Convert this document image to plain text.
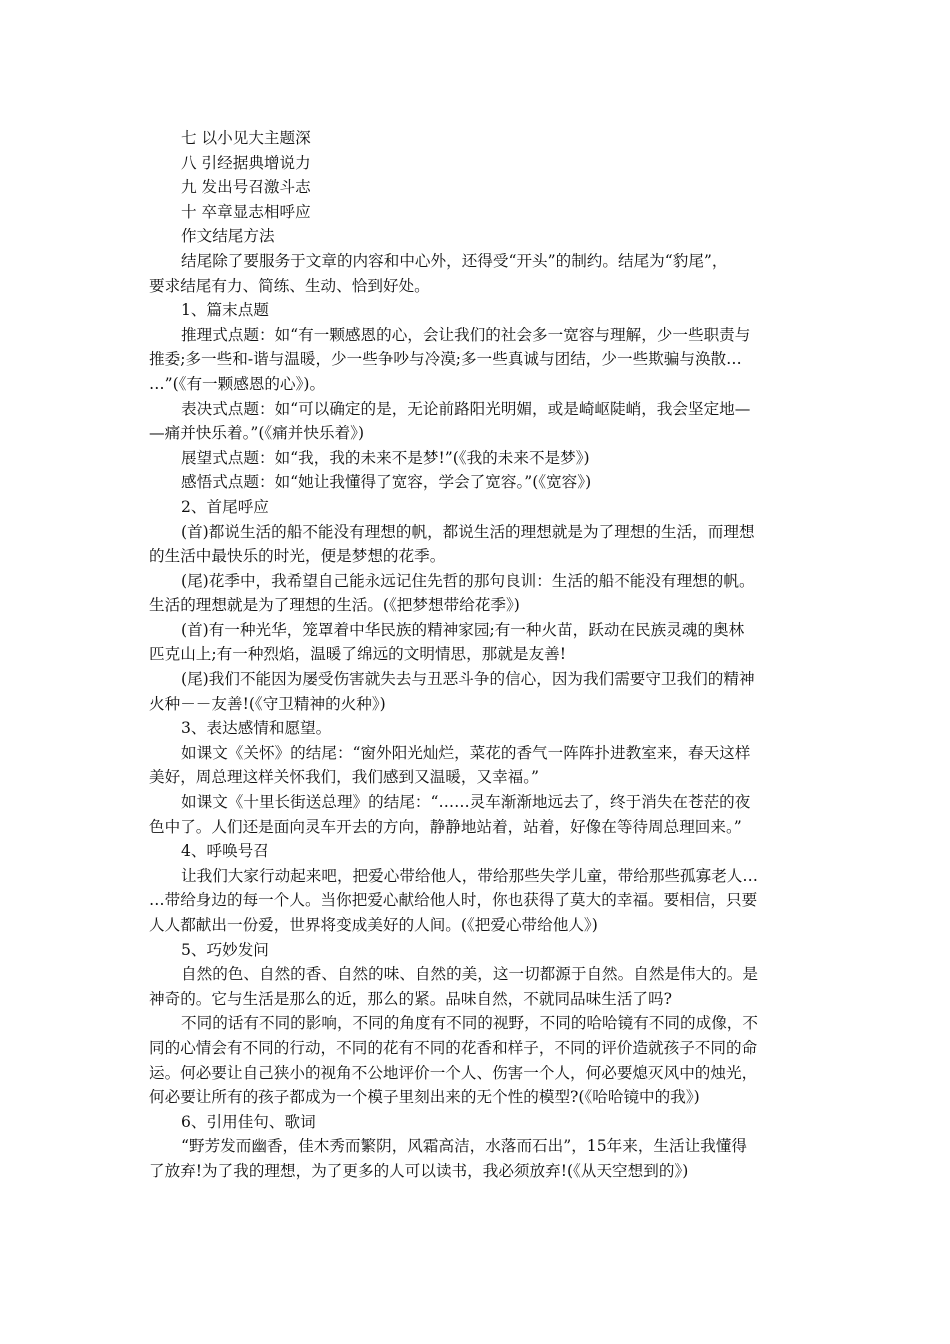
七 以小见大主题深
八 引经据典增说力
九 发出号召激斗志
十 卒章显志相呼应
作文结尾方法
结尾除了要服务于文章的内容和中心外，还得受“开头”的制约。结尾为“豹尾”，
要求结尾有力、简练、生动、恰到好处。
1、篇末点题
推理式点题：如“有一颗感恩的心，会让我们的社会多一宽容与理解，少一些职责与
推委;多一些和-谐与温暖，少一些争吵与冷漠;多一些真诚与团结，少一些欺骗与涣散…
…”(《有一颗感恩的心》)。
表决式点题：如“可以确定的是，无论前路阳光明媚，或是崎岖陡峭，我会坚定地—
—痛并快乐着。”(《痛并快乐着》)
展望式点题：如“我，我的未来不是梦!”(《我的未来不是梦》)
感悟式点题：如“她让我懂得了宽容，学会了宽容。”(《宽容》)
2、首尾呼应
(首)都说生活的船不能没有理想的帆，都说生活的理想就是为了理想的生活，而理想
的生活中最快乐的时光，便是梦想的花季。
(尾)花季中，我希望自己能永远记住先哲的那句良训：生活的船不能没有理想的帆。
生活的理想就是为了理想的生活。(《把梦想带给花季》)
(首)有一种光华，笼罩着中华民族的精神家园;有一种火苗，跃动在民族灵魂的奥林
匹克山上;有一种烈焰，温暖了绵远的文明情思，那就是友善!
(尾)我们不能因为屡受伤害就失去与丑恶斗争的信心，因为我们需要守卫我们的精神
火种－－友善!(《守卫精神的火种》)
3、表达感情和愿望。
如课文《关怀》的结尾：“窗外阳光灿烂，菜花的香气一阵阵扑进教室来，春天这样
美好，周总理这样关怀我们，我们感到又温暖，又幸福。”
如课文《十里长街送总理》的结尾：“……灵车渐渐地远去了，终于消失在苍茫的夜
色中了。人们还是面向灵车开去的方向，静静地站着，站着，好像在等待周总理回来。”
4、呼唤号召
让我们大家行动起来吧，把爱心带给他人，带给那些失学儿童，带给那些孤寡老人…
…带给身边的每一个人。当你把爱心献给他人时，你也获得了莫大的幸福。要相信，只要
人人都献出一份爱，世界将变成美好的人间。(《把爱心带给他人》)
5、巧妙发问
自然的色、自然的香、自然的味、自然的美，这一切都源于自然。自然是伟大的。是
神奇的。它与生活是那么的近，那么的紧。品味自然，不就同品味生活了吗?
不同的话有不同的影响，不同的角度有不同的视野，不同的哈哈镜有不同的成像，不
同的心情会有不同的行动，不同的花有不同的花香和样子，不同的评价造就孩子不同的命
运。何必要让自己狭小的视角不公地评价一个人、伤害一个人，何必要熄灭风中的烛光，
何必要让所有的孩子都成为一个模子里刻出来的无个性的模型?(《哈哈镜中的我》)
6、引用佳句、歌词
“野芳发而幽香，佳木秀而繁阴，风霜高洁，水落而石出”，15年来，生活让我懂得
了放弃!为了我的理想，为了更多的人可以读书，我必须放弃!(《从天空想到的》)
